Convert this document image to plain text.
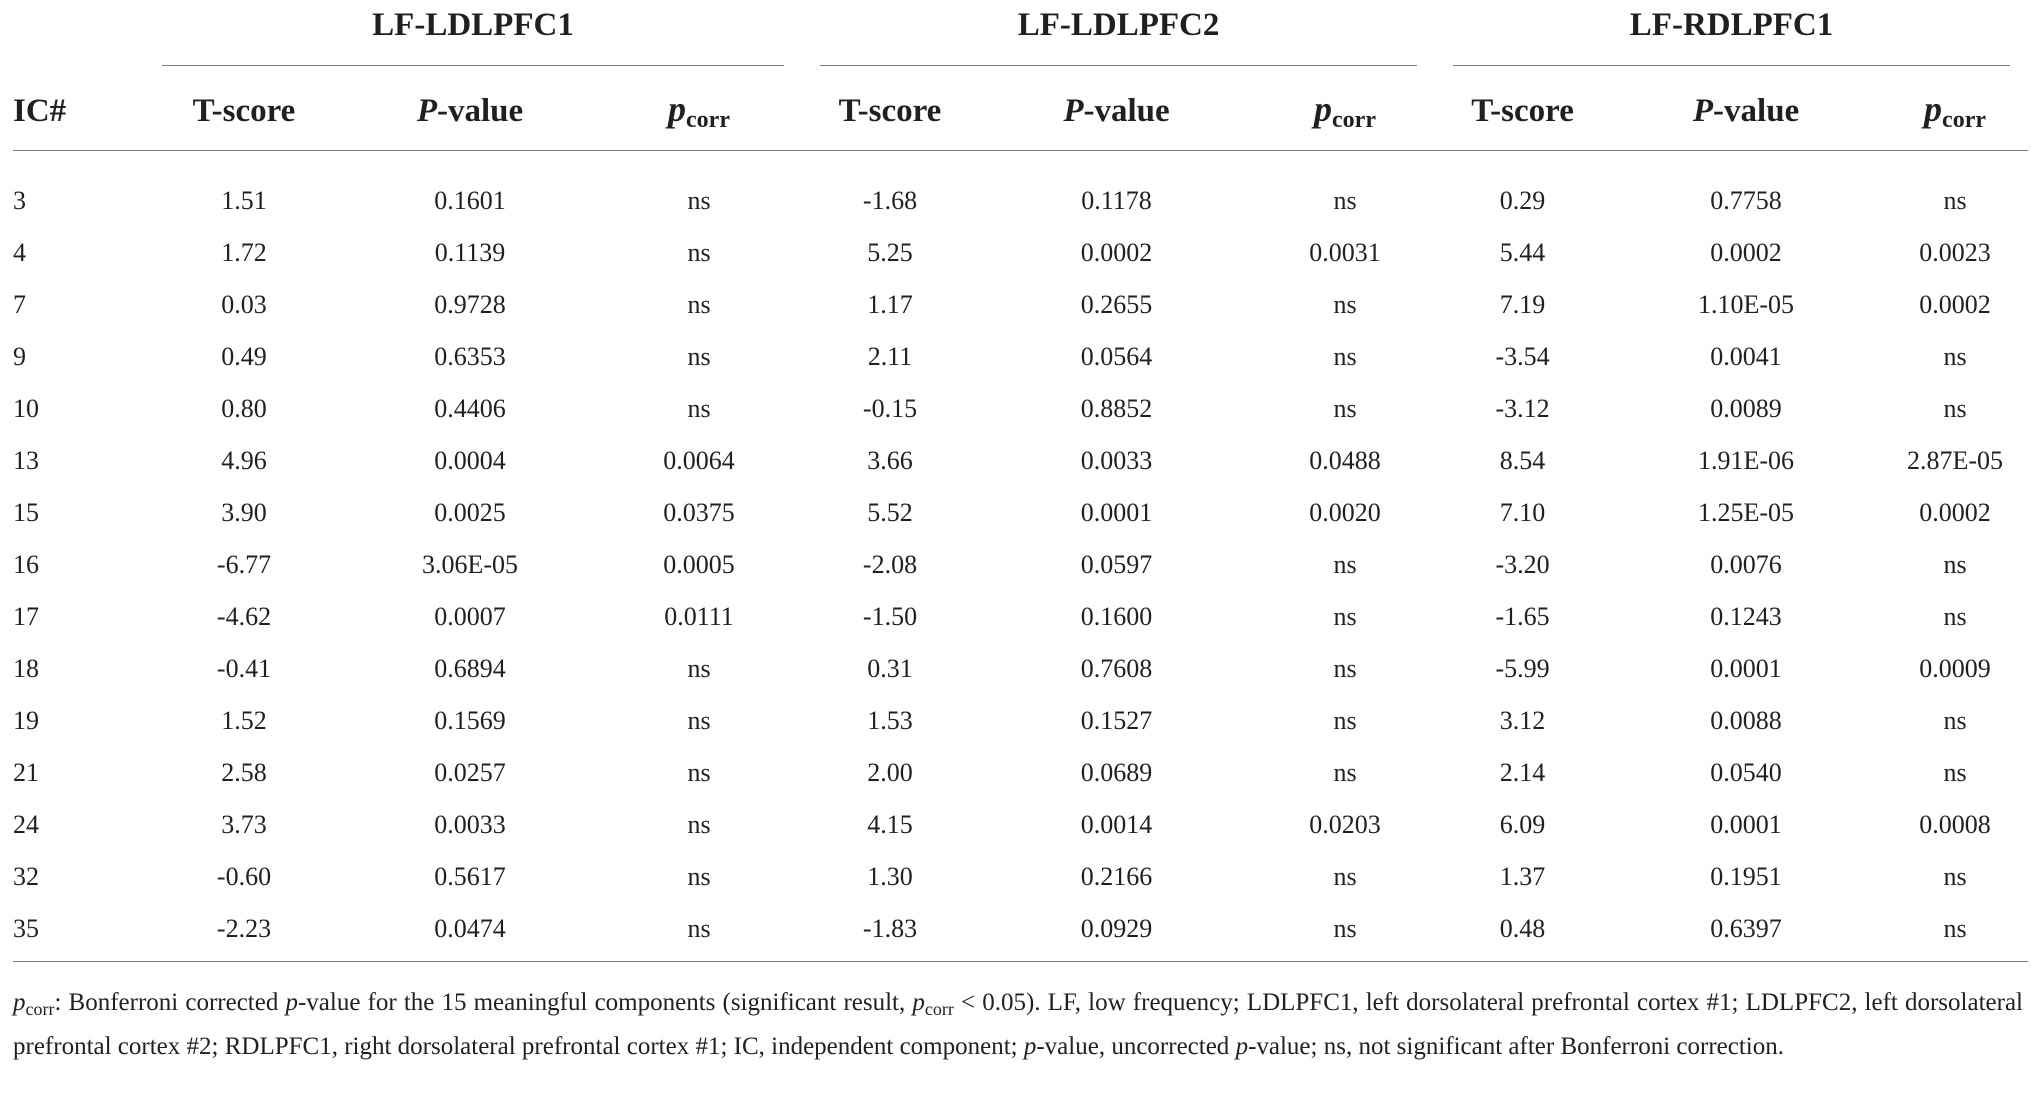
	LF-LDLPFC1			LF-LDLPFC2			LF-RDLPFC1		

IC#	T-score	P-value	pcorr	T-score	P-value	pcorr	T-score	P-value	pcorr

3	1.51	0.1601	ns	-1.68	0.1178	ns	0.29	0.7758	ns
4	1.72	0.1139	ns	5.25	0.0002	0.0031	5.44	0.0002	0.0023
7	0.03	0.9728	ns	1.17	0.2655	ns	7.19	1.10E-05	0.0002
9	0.49	0.6353	ns	2.11	0.0564	ns	-3.54	0.0041	ns
10	0.80	0.4406	ns	-0.15	0.8852	ns	-3.12	0.0089	ns
13	4.96	0.0004	0.0064	3.66	0.0033	0.0488	8.54	1.91E-06	2.87E-05
15	3.90	0.0025	0.0375	5.52	0.0001	0.0020	7.10	1.25E-05	0.0002
16	-6.77	3.06E-05	0.0005	-2.08	0.0597	ns	-3.20	0.0076	ns
17	-4.62	0.0007	0.0111	-1.50	0.1600	ns	-1.65	0.1243	ns
18	-0.41	0.6894	ns	0.31	0.7608	ns	-5.99	0.0001	0.0009
19	1.52	0.1569	ns	1.53	0.1527	ns	3.12	0.0088	ns
21	2.58	0.0257	ns	2.00	0.0689	ns	2.14	0.0540	ns
24	3.73	0.0033	ns	4.15	0.0014	0.0203	6.09	0.0001	0.0008
32	-0.60	0.5617	ns	1.30	0.2166	ns	1.37	0.1951	ns
35	-2.23	0.0474	ns	-1.83	0.0929	ns	0.48	0.6397	ns
$p_{corr}$: Bonferroni corrected p-value for the 15 meaningful components (significant result, $p_{corr} < 0.05$). LF, low frequency; LDLPFC1, left dorsolateral prefrontal cortex #1; LDLPFC2, left dorsolateral prefrontal cortex #2; RDLPFC1, right dorsolateral prefrontal cortex #1; IC, independent component; p-value, uncorrected p-value; ns, not significant after Bonferroni correction.
